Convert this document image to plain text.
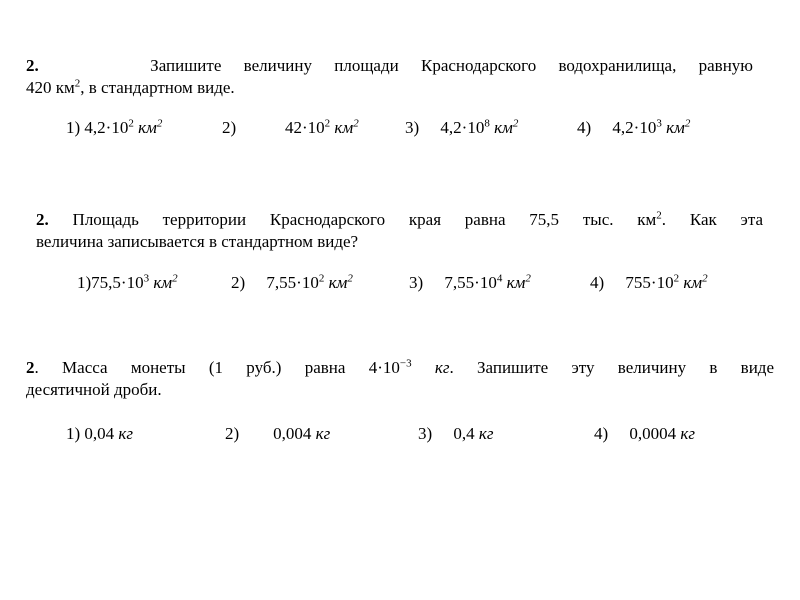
2.	Запишите величину площади Краснодарского водохранилища, равную

420 $км^2$, в стандартном виде.

1) $4,2\cdot 10^2$ $км^2$	2)	$42\cdot 10^2$ $км^2$	3) $4,2\cdot 10^8$ $км^2$	4) $4,2\cdot 10^3$ $км^2$

2. Площадь территории Краснодарского края равна 75,5 тыс. $км^2$. Как эта

величина записывается в стандартном виде?

$1)75,5\cdot 10^3$ $км^2$	2) $7,55\cdot 10^2$ $км^2$	3) $7,55\cdot 10^4$ $км^2$	4) $755\cdot 10^2$ $км^2$

2. Масса монеты (1 руб.) равна $4\cdot 10^{-3}$ кг. Запишите эту величину в виде

десятичной дроби.

1) 0,04 кг	2) 0,004 кг	3) 0,4 кг	4) 0,0004 кг
